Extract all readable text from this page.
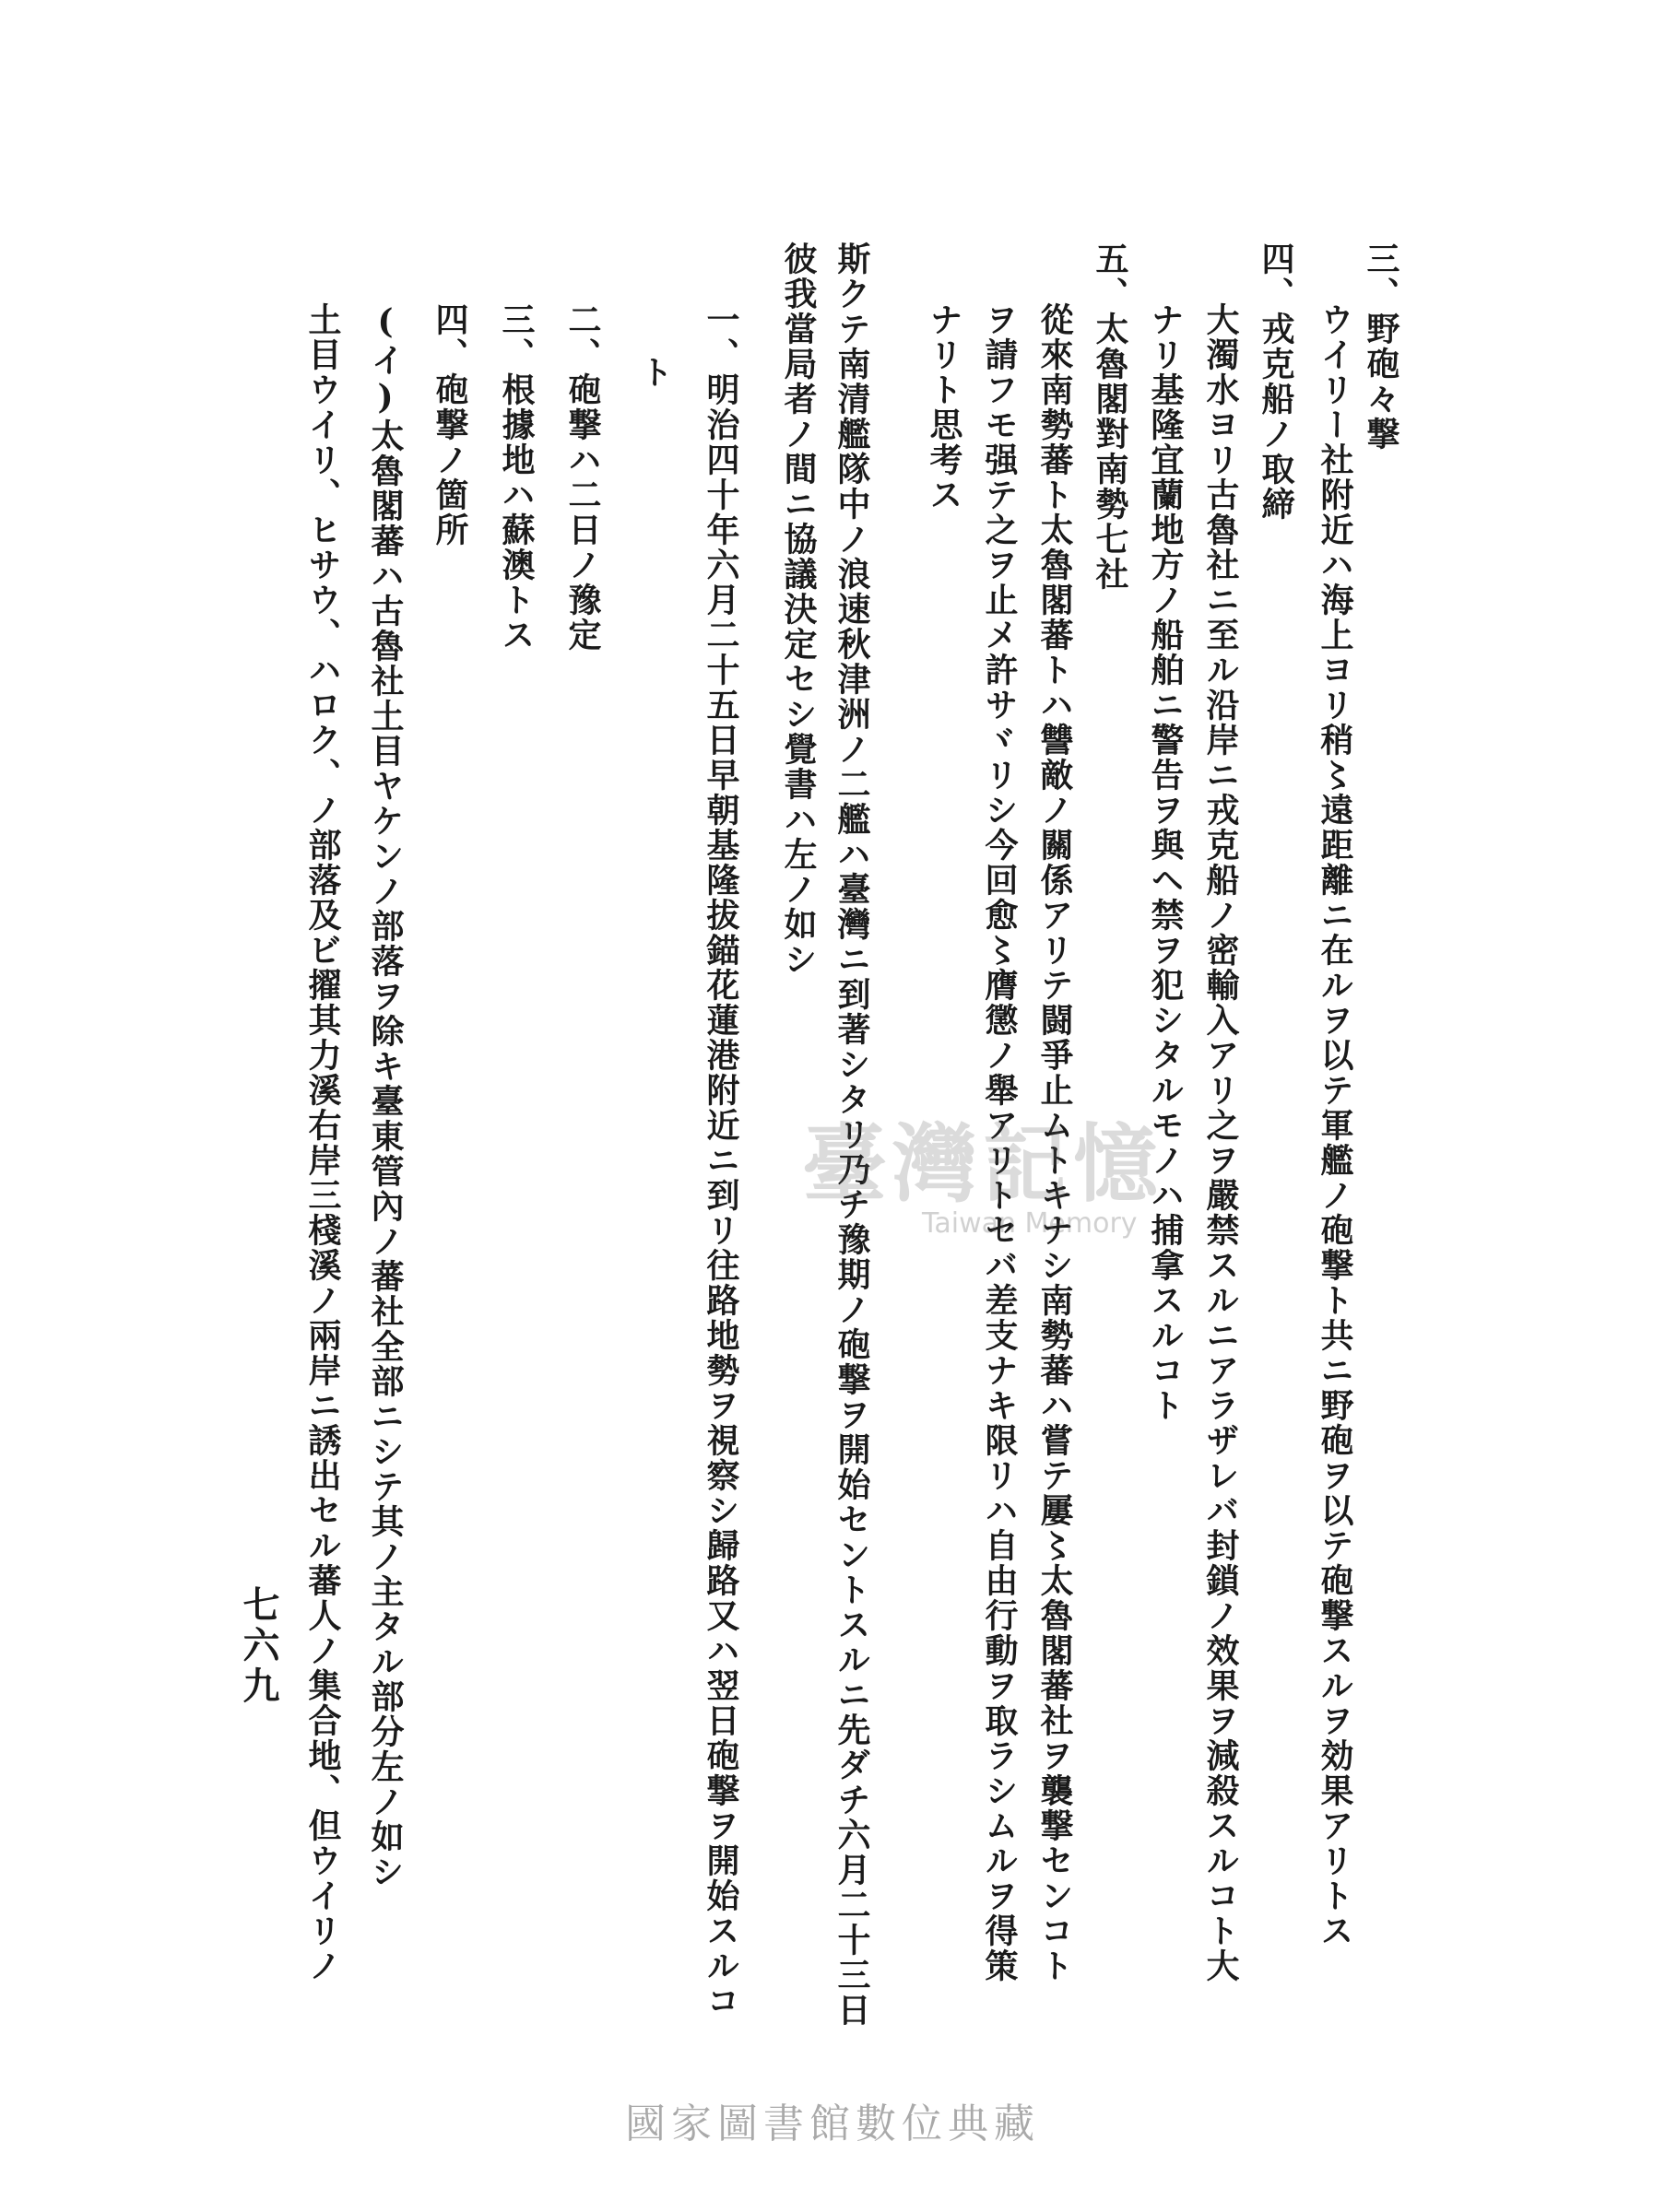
三、野砲々撃
ウイリー社附近ハ海上ヨリ稍〻遠距離ニ在ルヲ以テ軍艦ノ砲撃ト共ニ野砲ヲ以テ砲撃スルヲ効果アリトス
四、戎克船ノ取締
大濁水ヨリ古魯社ニ至ル沿岸ニ戎克船ノ密輸入アリ之ヲ嚴禁スルニアラザレバ封鎖ノ效果ヲ減殺スルコト大
ナリ基隆宜蘭地方ノ船舶ニ警告ヲ與ヘ禁ヲ犯シタルモノハ捕拿スルコト
五、太魯閣對南勢七社
從來南勢蕃ト太魯閣蕃トハ讐敵ノ關係アリテ闘爭止ムトキナシ南勢蕃ハ嘗テ屢〻太魯閣蕃社ヲ襲撃センコト
ヲ請フモ强テ之ヲ止メ許サヾリシ今回愈〻膺懲ノ舉アリトセバ差支ナキ限リハ自由行動ヲ取ラシムルヲ得策
ナリト思考ス
斯クテ南清艦隊中ノ浪速秋津洲ノ二艦ハ臺灣ニ到著シタリ乃チ豫期ノ砲撃ヲ開始セントスルニ先ダチ六月二十三日
彼我當局者ノ間ニ協議決定セシ覺書ハ左ノ如シ
一、明治四十年六月二十五日早朝基隆拔錨花蓮港附近ニ到リ往路地勢ヲ視察シ歸路又ハ翌日砲撃ヲ開始スルコ
ト
二、砲撃ハ二日ノ豫定
三、根據地ハ蘇澳トス
四、砲撃ノ箇所
(イ)太魯閣蕃ハ古魯社土目ヤケンノ部落ヲ除キ臺東管內ノ蕃社全部ニシテ其ノ主タル部分左ノ如シ
土目ウイリ、ヒサウ、ハロク、ノ部落及ビ擢其力溪右岸三棧溪ノ兩岸ニ誘出セル蕃人ノ集合地、但ウイリノ
七六九
臺灣記憶
Taiwan Memory
國家圖書館數位典藏
